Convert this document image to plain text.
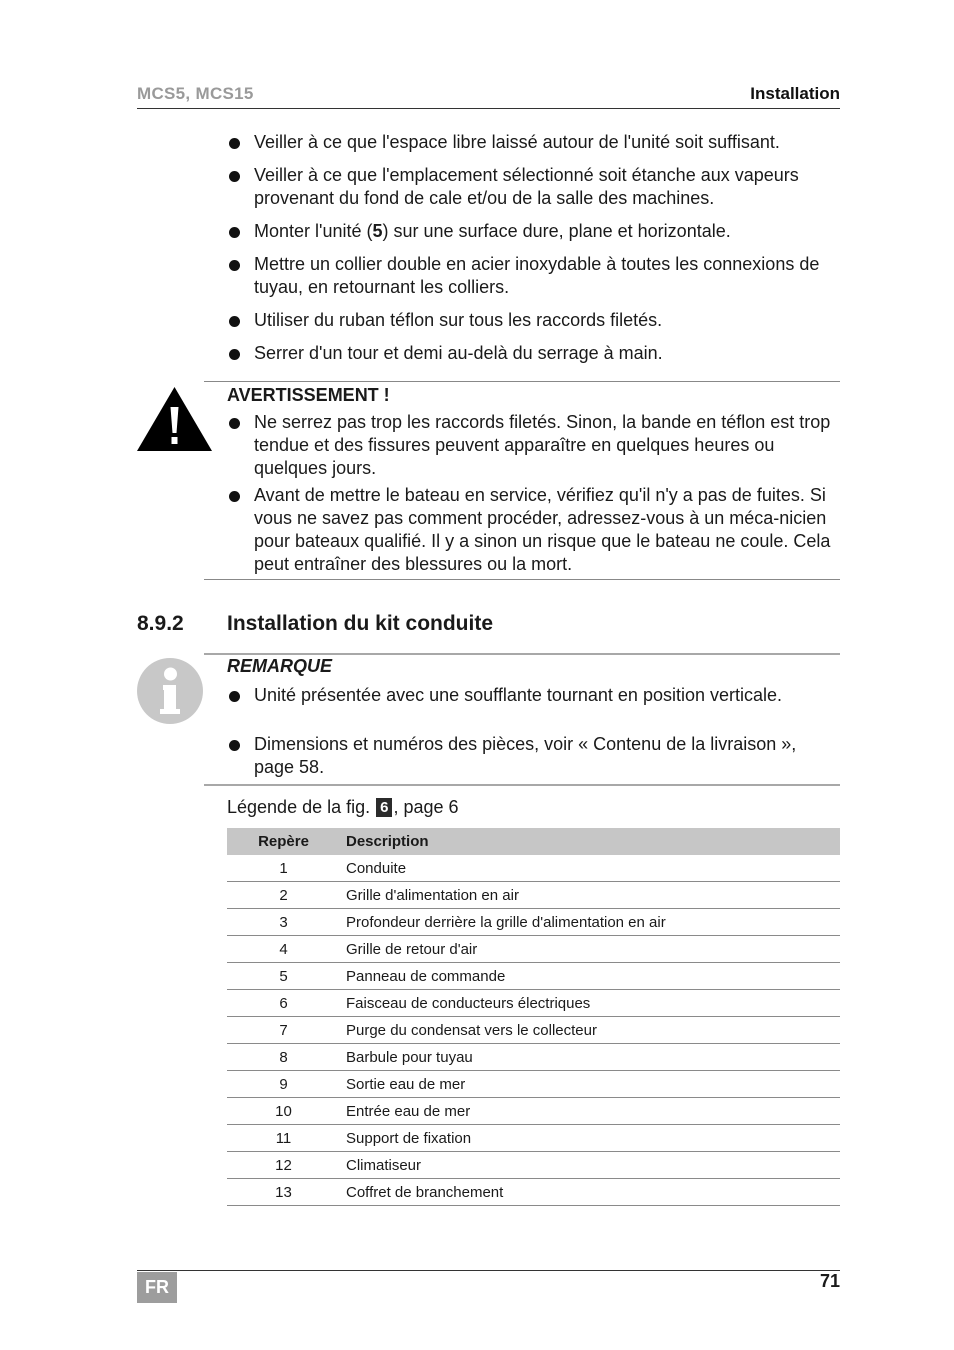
MCS5, MCS15	Installation
Veiller à ce que l'espace libre laissé autour de l'unité soit suffisant.
Veiller à ce que l'emplacement sélectionné soit étanche aux vapeurs provenant du fond de cale et/ou de la salle des machines.
Monter l'unité (5) sur une surface dure, plane et horizontale.
Mettre un collier double en acier inoxydable à toutes les connexions de tuyau, en retournant les colliers.
Utiliser du ruban téflon sur tous les raccords filetés.
Serrer d'un tour et demi au-delà du serrage à main.
AVERTISSEMENT !
Ne serrez pas trop les raccords filetés. Sinon, la bande en téflon est trop tendue et des fissures peuvent apparaître en quelques heures ou quelques jours.
Avant de mettre le bateau en service, vérifiez qu'il n'y a pas de fuites. Si vous ne savez pas comment procéder, adressez-vous à un méca-nicien pour bateaux qualifié. Il y a sinon un risque que le bateau ne coule. Cela peut entraîner des blessures ou la mort.
8.9.2 Installation du kit conduite
REMARQUE
Unité présentée avec une soufflante tournant en position verticale.
Dimensions et numéros des pièces, voir « Contenu de la livraison », page 58.
Légende de la fig. 6 , page 6
Repère	Description
1	Conduite
2	Grille d'alimentation en air
3	Profondeur derrière la grille d'alimentation en air
4	Grille de retour d'air
5	Panneau de commande
6	Faisceau de conducteurs électriques
7	Purge du condensat vers le collecteur
8	Barbule pour tuyau
9	Sortie eau de mer
10	Entrée eau de mer
11	Support de fixation
12	Climatiseur
13	Coffret de branchement
FR	71
